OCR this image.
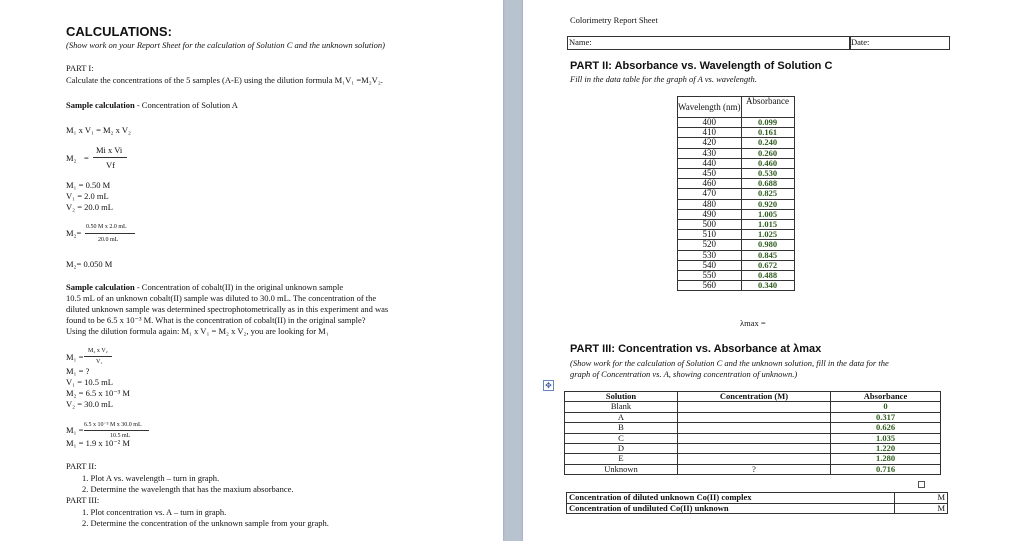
CALCULATIONS:
(Show work on your Report Sheet for the calculation of Solution C and the unknown solution)
PART I:
Calculate the concentrations of the 5 samples (A-E) using the dilution formula M₁V₁ =M₂V₂.
Sample calculation - Concentration of Solution A
M₁ x V₁ = M₂ x V₂
M₂ =
Mi x Vi
Vf
M₁ = 0.50 M
V₁ = 2.0 mL
V₂ = 20.0 mL
M₂=
0.50 M x 2.0 mL
20.0 mL
M₂= 0.050 M
Sample calculation - Concentration of cobalt(II) in the original unknown sample
10.5 mL of an unknown cobalt(II) sample was diluted to 30.0 mL. The concentration of the
diluted unknown sample was determined spectrophotometrically as in this experiment and was
found to be 6.5 x 10⁻³ M. What is the concentration of cobalt(II) in the original sample?
Using the dilution formula again: M₁ x V₁ = M₂ x V₂, you are looking for M₁
M₁ =
M₂ x V₂
V₁
M₁ = ?
V₁ = 10.5 mL
M₂ = 6.5 x 10⁻³ M
V₂ = 30.0 mL
M₁ = 6.5 x 10⁻³ M x 30.0 mL
10.5 mL
M₁ = 1.9 x 10⁻² M
PART II:
1. Plot A vs. wavelength – turn in graph.
2. Determine the wavelength that has the maxium absorbance.
PART III:
1. Plot concentration vs. A – turn in graph.
2. Determine the concentration of the unknown sample from your graph.
Colorimetry Report Sheet
Name:	Date:
PART II: Absorbance vs. Wavelength of Solution C
Fill in the data table for the graph of A vs. wavelength.
Wavelength (nm)	Absorbance
400	0.099
410	0.161
420	0.240
430	0.260
440	0.460
450	0.530
460	0.688
470	0.825
480	0.920
490	1.005
500	1.015
510	1.025
520	0.980
530	0.845
540	0.672
550	0.488
560	0.340
λmax =
PART III: Concentration vs. Absorbance at λmax
(Show work for the calculation of Solution C and the unknown solution, fill in the data for the
graph of Concentration vs. A, showing concentration of unknown.)
✥
Solution	Concentration (M)	Absorbance
Blank		0
A		0.317
B		0.626
C		1.035
D		1.220
E		1.280
Unknown	?	0.716
Concentration of diluted unknown Co(II) complex	M
Concentration of undiluted Co(II) unknown	M
